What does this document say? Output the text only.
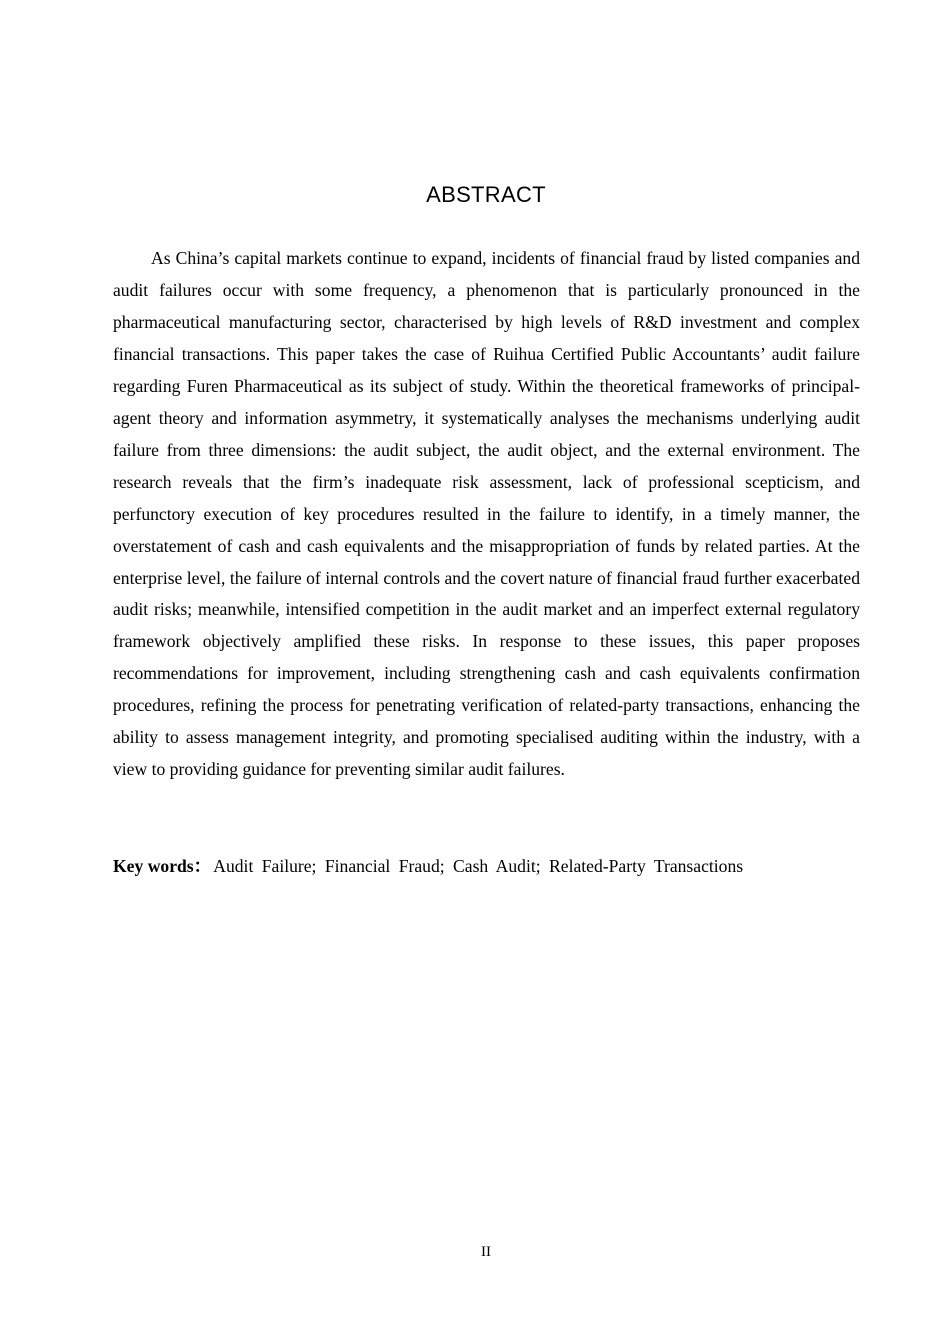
ABSTRACT

As China’s capital markets continue to expand, incidents of financial fraud by listed companies and audit failures occur with some frequency, a phenomenon that is particularly pronounced in the pharmaceutical manufacturing sector, characterised by high levels of R&D investment and complex financial transactions. This paper takes the case of Ruihua Certified Public Accountants’ audit failure regarding Furen Pharmaceutical as its subject of study. Within the theoretical frameworks of principal-agent theory and information asymmetry, it systematically analyses the mechanisms underlying audit failure from three dimensions: the audit subject, the audit object, and the external environment. The research reveals that the firm’s inadequate risk assessment, lack of professional scepticism, and perfunctory execution of key procedures resulted in the failure to identify, in a timely manner, the overstatement of cash and cash equivalents and the misappropriation of funds by related parties. At the enterprise level, the failure of internal controls and the covert nature of financial fraud further exacerbated audit risks; meanwhile, intensified competition in the audit market and an imperfect external regulatory framework objectively amplified these risks. In response to these issues, this paper proposes recommendations for improvement, including strengthening cash and cash equivalents confirmation procedures, refining the process for penetrating verification of related-party transactions, enhancing the ability to assess management integrity, and promoting specialised auditing within the industry, with a view to providing guidance for preventing similar audit failures.

Key words： Audit Failure; Financial Fraud; Cash Audit; Related-Party Transactions
II
